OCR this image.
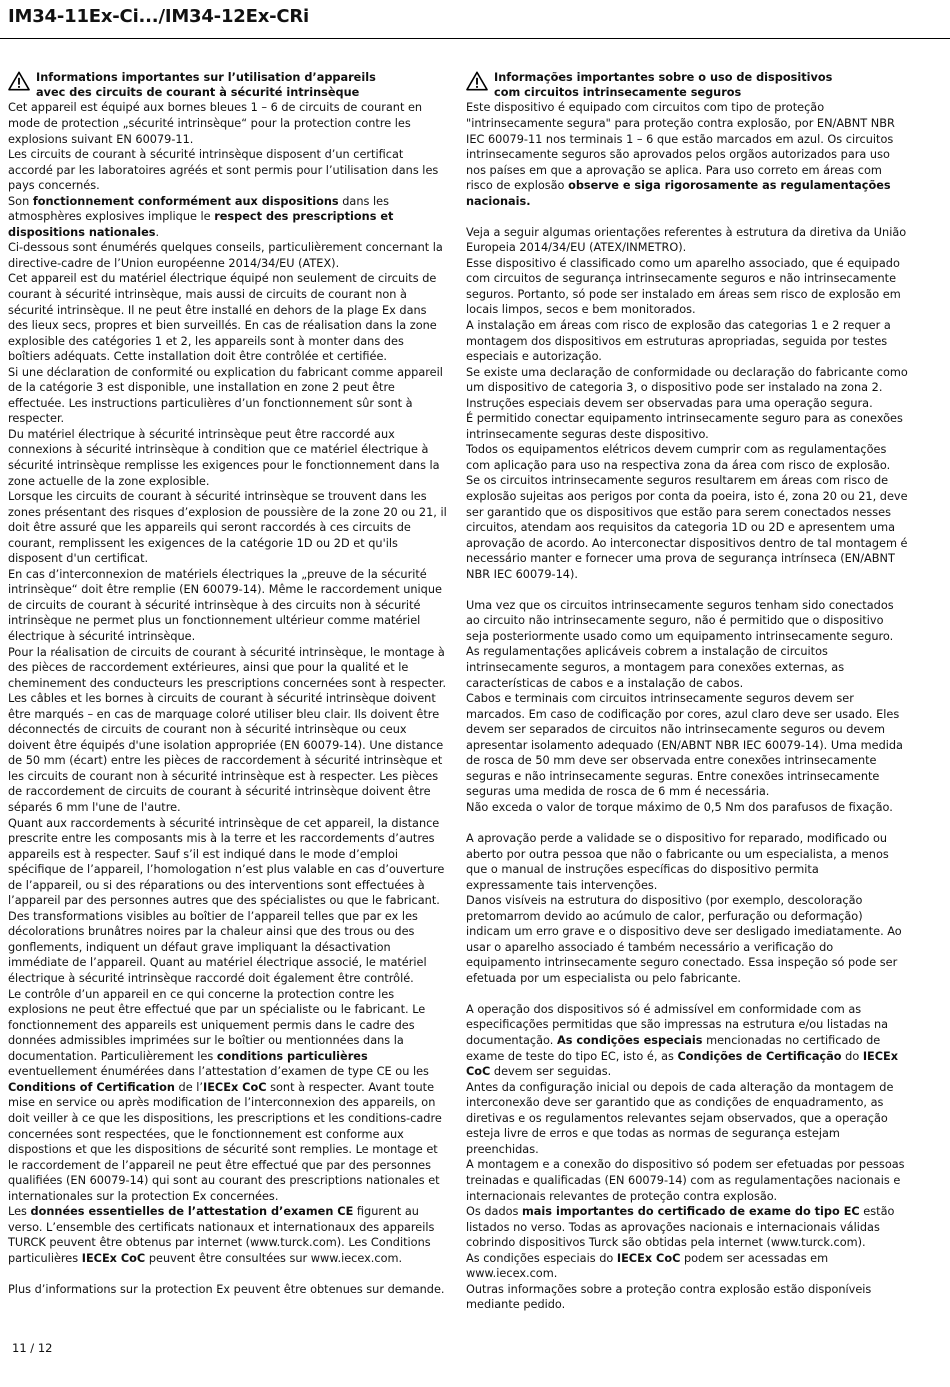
IM34-11Ex-Ci.../IM34-12Ex-CRi
Informations importantes sur l’utilisation d’appareils
avec des circuits de courant à sécurité intrinsèque

Cet appareil est équipé aux bornes bleues 1 – 6 de circuits de courant en mode de protection „sécurité intrinsèque“ pour la protection contre les explosions suivant EN 60079-11.

Les circuits de courant à sécurité intrinsèque disposent d’un certificat accordé par les laboratoires agréés et sont permis pour l’utilisation dans les pays concernés.

Son fonctionnement conformément aux dispositions dans les atmosphères explosives implique le respect des prescriptions et dispositions nationales.

Ci-dessous sont énumérés quelques conseils, particulièrement concernant la directive-cadre de l’Union européenne 2014/34/EU (ATEX).

Cet appareil est du matériel électrique équipé non seulement de circuits de courant à sécurité intrinsèque, mais aussi de circuits de courant non à sécurité intrinsèque. Il ne peut être installé en dehors de la plage Ex dans des lieux secs, propres et bien surveillés. En cas de réalisation dans la zone explosible des catégories 1 et 2, les appareils sont à monter dans des boîtiers adéquats. Cette installation doit être contrôlée et certifiée.

Si une déclaration de conformité ou explication du fabricant comme appareil de la catégorie 3 est disponible, une installation en zone 2 peut être effectuée. Les instructions particulières d’un fonctionnement sûr sont à respecter.

Du matériel électrique à sécurité intrinsèque peut être raccordé aux connexions à sécurité intrinsèque à condition que ce matériel électrique à sécurité intrinsèque remplisse les exigences pour le fonctionnement dans la zone actuelle de la zone explosible.

Lorsque les circuits de courant à sécurité intrinsèque se trouvent dans les zones présentant des risques d’explosion de poussière de la zone 20 ou 21, il doit être assuré que les appareils qui seront raccordés à ces circuits de courant, remplissent les exigences de la catégorie 1D ou 2D et qu'ils disposent d'un certificat.

En cas d’interconnexion de matériels électriques la „preuve de la sécurité intrinsèque“ doit être remplie (EN 60079-14). Même le raccordement unique de circuits de courant à sécurité intrinsèque à des circuits non à sécurité intrinsèque ne permet plus un fonctionnement ultérieur comme matériel électrique à sécurité intrinsèque.

Pour la réalisation de circuits de courant à sécurité intrinsèque, le montage à des pièces de raccordement extérieures, ainsi que pour la qualité et le cheminement des conducteurs les prescriptions concernées sont à respecter.

Les câbles et les bornes à circuits de courant à sécurité intrinsèque doivent être marqués – en cas de marquage coloré utiliser bleu clair. Ils doivent être déconnectés de circuits de courant non à sécurité intrinsèque ou ceux doivent être équipés d'une isolation appropriée (EN 60079-14). Une distance de 50 mm (écart) entre les pièces de raccordement à sécurité intrinsèque et les circuits de courant non à sécurité intrinsèque est à respecter. Les pièces de raccordement de circuits de courant à sécurité intrinsèque doivent être séparés 6 mm l'une de l'autre.

Quant aux raccordements à sécurité intrinsèque de cet appareil, la distance prescrite entre les composants mis à la terre et les raccordements d’autres appareils est à respecter. Sauf s’il est indiqué dans le mode d’emploi spécifique de l’appareil, l’homologation n’est plus valable en cas d’ouverture de l’appareil, ou si des réparations ou des interventions sont effectuées à l’appareil par des personnes autres que des spécialistes ou que le fabricant.

Des transformations visibles au boîtier de l’appareil telles que par ex les décolorations brunâtres noires par la chaleur ainsi que des trous ou des gonflements, indiquent un défaut grave impliquant la désactivation immédiate de l’appareil. Quant au matériel électrique associé, le matériel électrique à sécurité intrinsèque raccordé doit également être contrôlé.

Le contrôle d’un appareil en ce qui concerne la protection contre les explosions ne peut être effectué que par un spécialiste ou le fabricant. Le fonctionnement des appareils est uniquement permis dans le cadre des données admissibles imprimées sur le boîtier ou mentionnées dans la documentation. Particulièrement les conditions particulières eventuellement énumérées dans l’attestation d’examen de type CE ou les Conditions of Certification de l’IECEx CoC sont à respecter. Avant toute mise en service ou après modification de l’interconnexion des appareils, on doit veiller à ce que les dispositions, les prescriptions et les conditions-cadre concernées sont respectées, que le fonctionnement est conforme aux dispostions et que les dispositions de sécurité sont remplies. Le montage et le raccordement de l’appareil ne peut être effectué que par des personnes qualifiées (EN 60079-14) qui sont au courant des prescriptions nationales et internationales sur la protection Ex concernées.

Les données essentielles de l’attestation d’examen CE figurent au verso. L’ensemble des certificats nationaux et internationaux des appareils TURCK peuvent être obtenus par internet (www.turck.com). Les Conditions particulières IECEx CoC peuvent être consultées sur www.iecex.com.

Plus d’informations sur la protection Ex peuvent être obtenues sur demande.

Informações importantes sobre o uso de dispositivos
com circuitos intrinsecamente seguros

Este dispositivo é equipado com circuitos com tipo de proteção "intrinsecamente segura" para proteção contra explosão, por EN/ABNT NBR IEC 60079-11 nos terminais 1 – 6 que estão marcados em azul. Os circuitos intrinsecamente seguros são aprovados pelos orgãos autorizados para uso nos países em que a aprovação se aplica. Para uso correto em áreas com risco de explosão observe e siga rigorosamente as regulamentações nacionais.

Veja a seguir algumas orientações referentes à estrutura da diretiva da União Europeia 2014/34/EU (ATEX/INMETRO).

Esse dispositivo é classificado como um aparelho associado, que é equipado com circuitos de segurança intrinsecamente seguros e não intrinsecamente seguros. Portanto, só pode ser instalado em áreas sem risco de explosão em locais limpos, secos e bem monitorados.

A instalação em áreas com risco de explosão das categorias 1 e 2 requer a montagem dos dispositivos em estruturas apropriadas, seguida por testes especiais e autorização.

Se existe uma declaração de conformidade ou declaração do fabricante como um dispositivo de categoria 3, o dispositivo pode ser instalado na zona 2. Instruções especiais devem ser observadas para uma operação segura.

É permitido conectar equipamento intrinsecamente seguro para as conexões intrinsecamente seguras deste dispositivo.

Todos os equipamentos elétricos devem cumprir com as regulamentações com aplicação para uso na respectiva zona da área com risco de explosão.

Se os circuitos intrinsecamente seguros resultarem em áreas com risco de explosão sujeitas aos perigos por conta da poeira, isto é, zona 20 ou 21, deve ser garantido que os dispositivos que estão para serem conectados nesses circuitos, atendam aos requisitos da categoria 1D ou 2D e apresentem uma aprovação de acordo. Ao interconectar dispositivos dentro de tal montagem é necessário manter e fornecer uma prova de segurança intrínseca (EN/ABNT NBR IEC 60079-14).

Uma vez que os circuitos intrinsecamente seguros tenham sido conectados ao circuito não intrinsecamente seguro, não é permitido que o dispositivo seja posteriormente usado como um equipamento intrinsecamente seguro.

As regulamentações aplicáveis cobrem a instalação de circuitos intrinsecamente seguros, a montagem para conexões externas, as características de cabos e a instalação de cabos.

Cabos e terminais com circuitos intrinsecamente seguros devem ser marcados. Em caso de codificação por cores, azul claro deve ser usado. Eles devem ser separados de circuitos não intrinsecamente seguros ou devem apresentar isolamento adequado (EN/ABNT NBR IEC 60079-14). Uma medida de rosca de 50 mm deve ser observada entre conexões intrinsecamente seguras e não intrinsecamente seguras. Entre conexões intrinsecamente seguras uma medida de rosca de 6 mm é necessária.

Não exceda o valor de torque máximo de 0,5 Nm dos parafusos de fixação.

A aprovação perde a validade se o dispositivo for reparado, modificado ou aberto por outra pessoa que não o fabricante ou um especialista, a menos que o manual de instruções específicas do dispositivo permita expressamente tais intervenções.

Danos visíveis na estrutura do dispositivo (por exemplo, descoloração pretomarrom devido ao acúmulo de calor, perfuração ou deformação) indicam um erro grave e o dispositivo deve ser desligado imediatamente. Ao usar o aparelho associado é também necessário a verificação do equipamento intrinsecamente seguro conectado. Essa inspeção só pode ser efetuada por um especialista ou pelo fabricante.

A operação dos dispositivos só é admissível em conformidade com as especificações permitidas que são impressas na estrutura e/ou listadas na documentação. As condições especiais mencionadas no certificado de exame de teste do tipo EC, isto é, as Condições de Certificação do IECEx CoC devem ser seguidas.

Antes da configuração inicial ou depois de cada alteração da montagem de interconexão deve ser garantido que as condições de enquadramento, as diretivas e os regulamentos relevantes sejam observados, que a operação esteja livre de erros e que todas as normas de segurança estejam preenchidas.

A montagem e a conexão do dispositivo só podem ser efetuadas por pessoas treinadas e qualificadas (EN 60079-14) com as regulamentações nacionais e internacionais relevantes de proteção contra explosão.

Os dados mais importantes do certificado de exame do tipo EC estão listados no verso. Todas as aprovações nacionais e internacionais válidas cobrindo dispositivos Turck são obtidas pela internet (www.turck.com).

As condições especiais do IECEx CoC podem ser acessadas em www.iecex.com.

Outras informações sobre a proteção contra explosão estão disponíveis mediante pedido.

11 / 12
